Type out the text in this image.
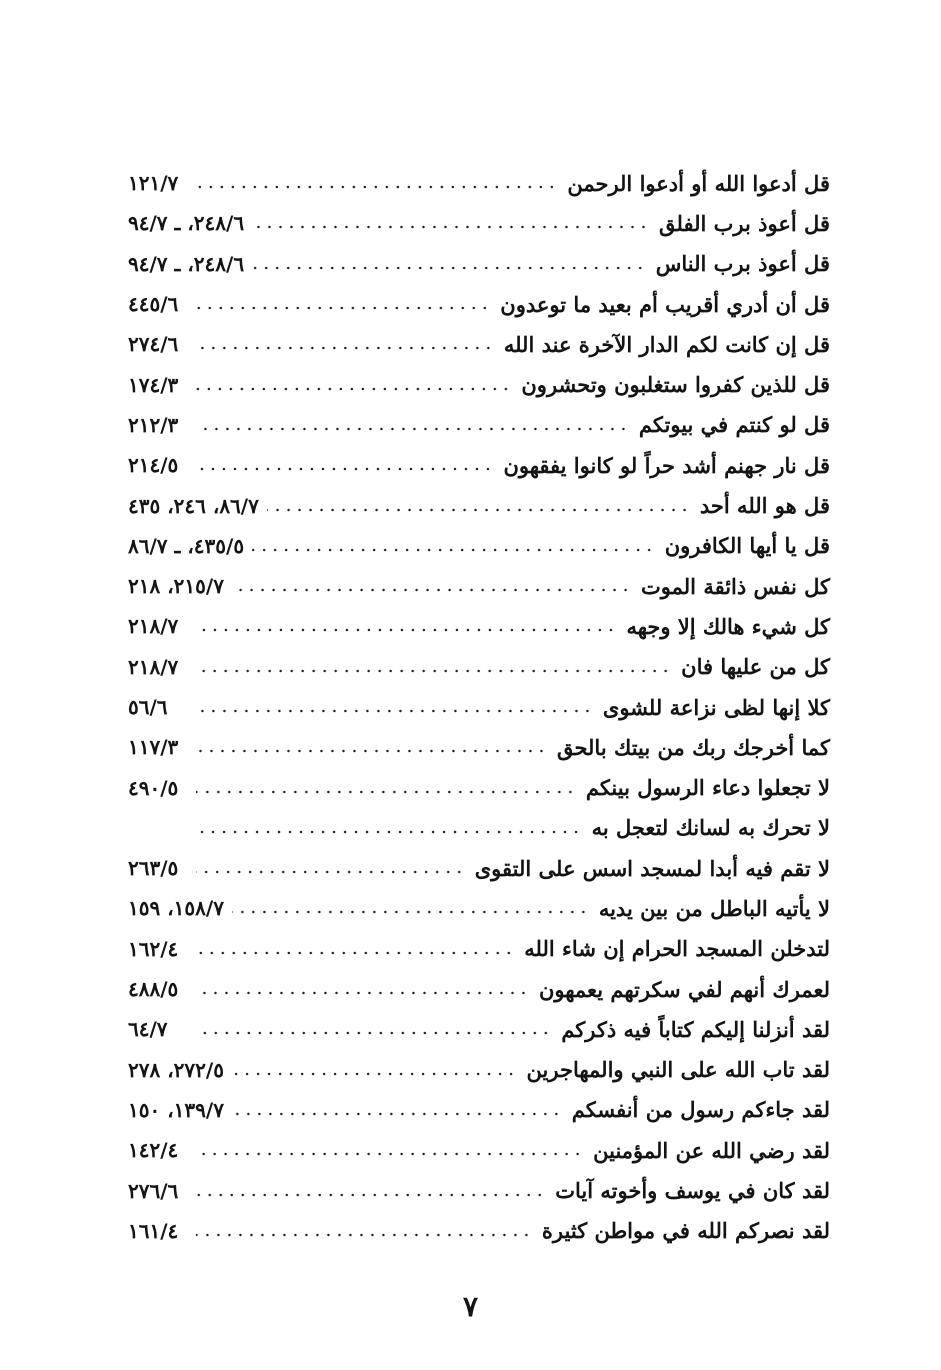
قل أدعوا الله أو أدعوا الرحمن
١٢١/٧
قل أعوذ برب الفلق
٢٤٨/٦، ـ ٩٤/٧
قل أعوذ برب الناس
٢٤٨/٦، ـ ٩٤/٧
قل أن أدري أقريب أم بعيد ما توعدون
٤٤٥/٦
قل إن كانت لكم الدار الآخرة عند الله
٢٧٤/٦
قل للذين كفروا ستغلبون وتحشرون
١٧٤/٣
قل لو كنتم في بيوتكم
٢١٢/٣
قل نار جهنم أشد حراً لو كانوا يفقهون
٢١٤/٥
قل هو الله أحد
٨٦/٧، ٢٤٦، ٤٣٥
قل يا أيها الكافرون
٤٣٥/٥، ـ ٨٦/٧
كل نفس ذائقة الموت
٢١٥/٧، ٢١٨
كل شيء هالك إلا وجهه
٢١٨/٧
كل من عليها فان
٢١٨/٧
كلا إنها لظى نزاعة للشوى
٥٦/٦
كما أخرجك ربك من بيتك بالحق
١١٧/٣
لا تجعلوا دعاء الرسول بينكم
٤٩٠/٥
لا تحرك به لسانك لتعجل به
لا تقم فيه أبدا لمسجد اسس على التقوى
٢٦٣/٥
لا يأتيه الباطل من بين يديه
١٥٨/٧، ١٥٩
لتدخلن المسجد الحرام إن شاء الله
١٦٢/٤
لعمرك أنهم لفي سكرتهم يعمهون
٤٨٨/٥
لقد أنزلنا إليكم كتاباً فيه ذكركم
٦٤/٧
لقد تاب الله على النبي والمهاجرين
٢٧٢/٥، ٢٧٨
لقد جاءكم رسول من أنفسكم
١٣٩/٧، ١٥٠
لقد رضي الله عن المؤمنين
١٤٢/٤
لقد كان في يوسف وأخوته آيات
٢٧٦/٦
لقد نصركم الله في مواطن كثيرة
١٦١/٤
٧
